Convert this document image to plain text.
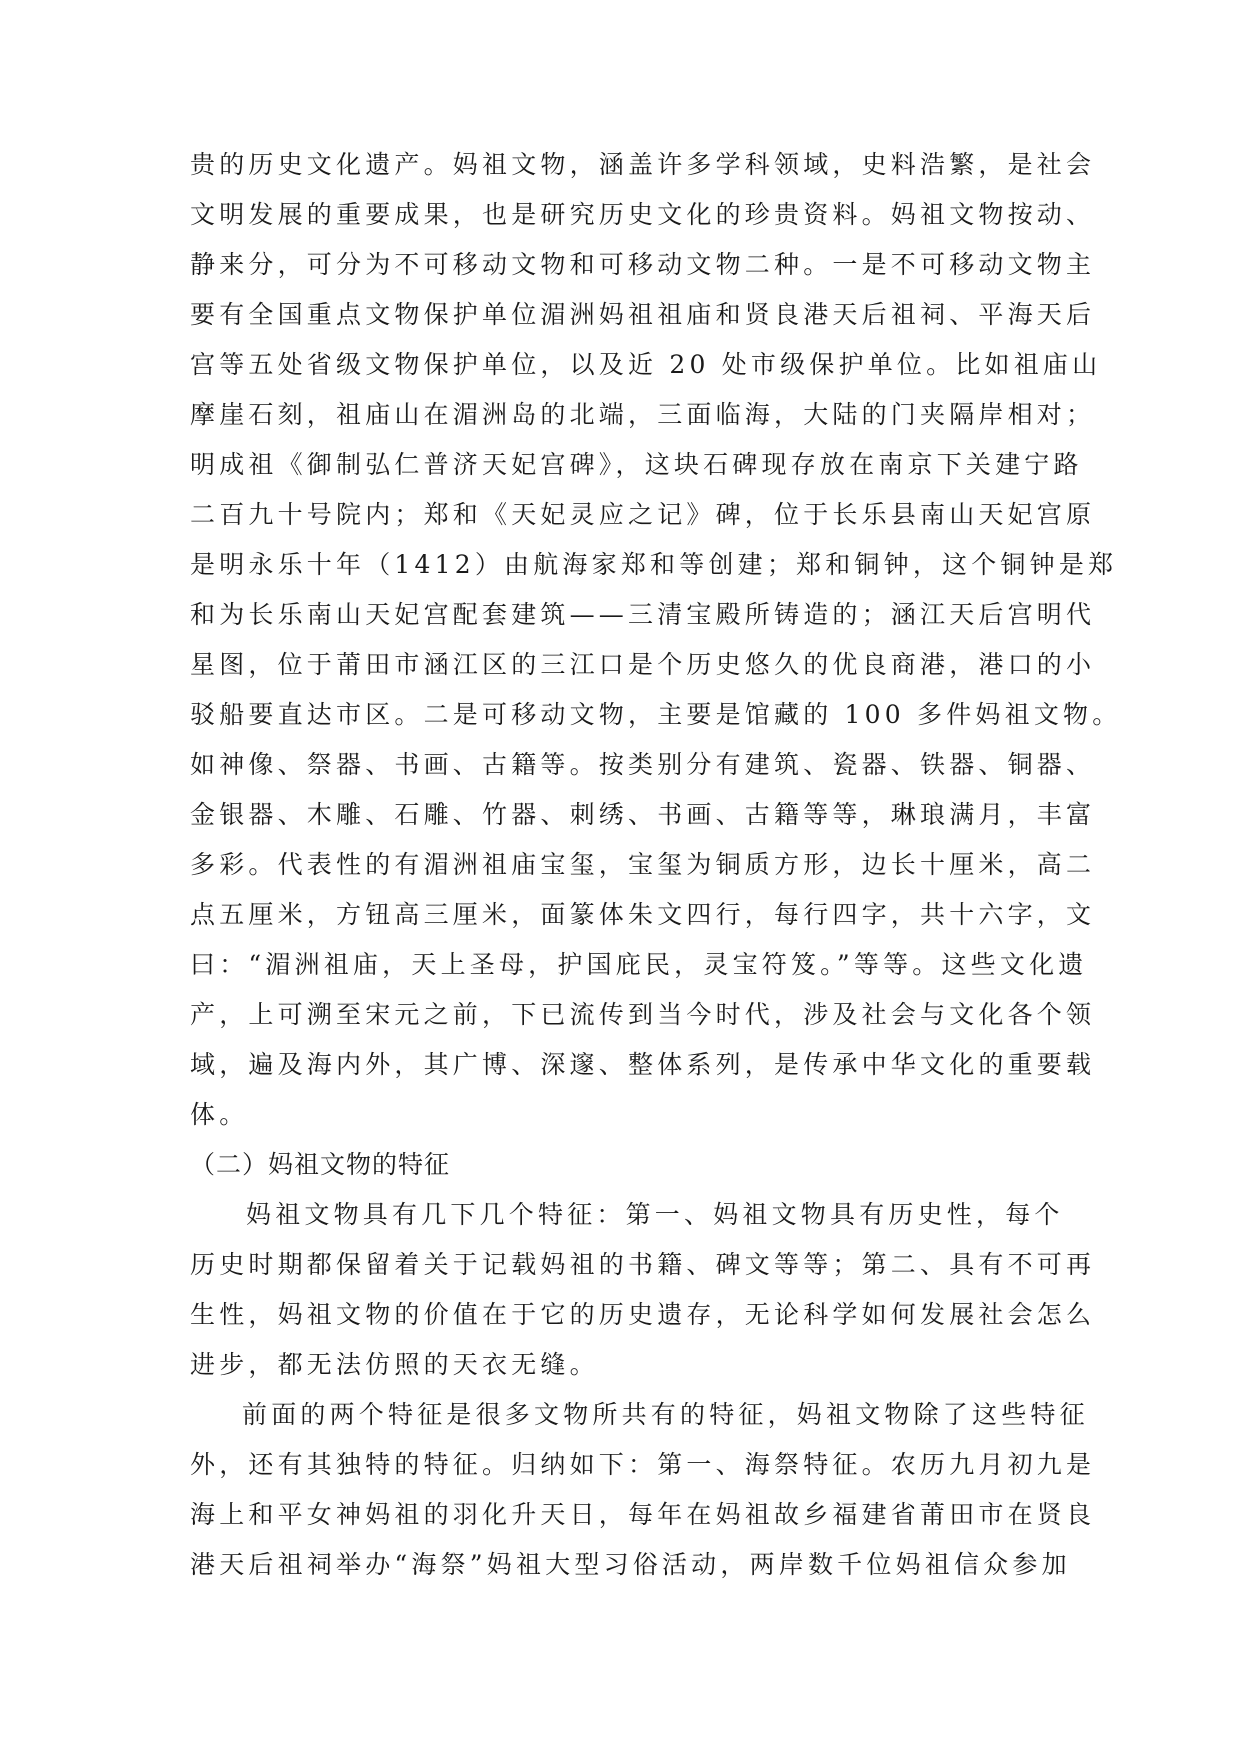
贵的历史文化遗产。妈祖文物，涵盖许多学科领域，史料浩繁，是社会
文明发展的重要成果，也是研究历史文化的珍贵资料。妈祖文物按动、
静来分，可分为不可移动文物和可移动文物二种。一是不可移动文物主
要有全国重点文物保护单位湄洲妈祖祖庙和贤良港天后祖祠、平海天后
宫等五处省级文物保护单位，以及近 20 处市级保护单位。比如祖庙山
摩崖石刻，祖庙山在湄洲岛的北端，三面临海，大陆的门夹隔岸相对；
明成祖《御制弘仁普济天妃宫碑》，这块石碑现存放在南京下关建宁路
二百九十号院内；郑和《天妃灵应之记》碑，位于长乐县南山天妃宫原
是明永乐十年（1412）由航海家郑和等创建；郑和铜钟，这个铜钟是郑
和为长乐南山天妃宫配套建筑——三清宝殿所铸造的；涵江天后宫明代
星图，位于莆田市涵江区的三江口是个历史悠久的优良商港，港口的小
驳船要直达市区。二是可移动文物，主要是馆藏的 100 多件妈祖文物。
如神像、祭器、书画、古籍等。按类别分有建筑、瓷器、铁器、铜器、
金银器、木雕、石雕、竹器、刺绣、书画、古籍等等，琳琅满月，丰富
多彩。代表性的有湄洲祖庙宝玺，宝玺为铜质方形，边长十厘米，高二
点五厘米，方钮高三厘米，面篆体朱文四行，每行四字，共十六字，文
曰：“湄洲祖庙，天上圣母，护国庇民，灵宝符笈。”等等。这些文化遗
产，上可溯至宋元之前，下已流传到当今时代，涉及社会与文化各个领
域，遍及海内外，其广博、深邃、整体系列，是传承中华文化的重要载
体。
（二）妈祖文物的特征
妈祖文物具有几下几个特征：第一、妈祖文物具有历史性，每个
历史时期都保留着关于记载妈祖的书籍、碑文等等；第二、具有不可再
生性，妈祖文物的价值在于它的历史遗存，无论科学如何发展社会怎么
进步，都无法仿照的天衣无缝。
前面的两个特征是很多文物所共有的特征，妈祖文物除了这些特征
外，还有其独特的特征。归纳如下：第一、海祭特征。农历九月初九是
海上和平女神妈祖的羽化升天日，每年在妈祖故乡福建省莆田市在贤良
港天后祖祠举办“海祭”妈祖大型习俗活动，两岸数千位妈祖信众参加
